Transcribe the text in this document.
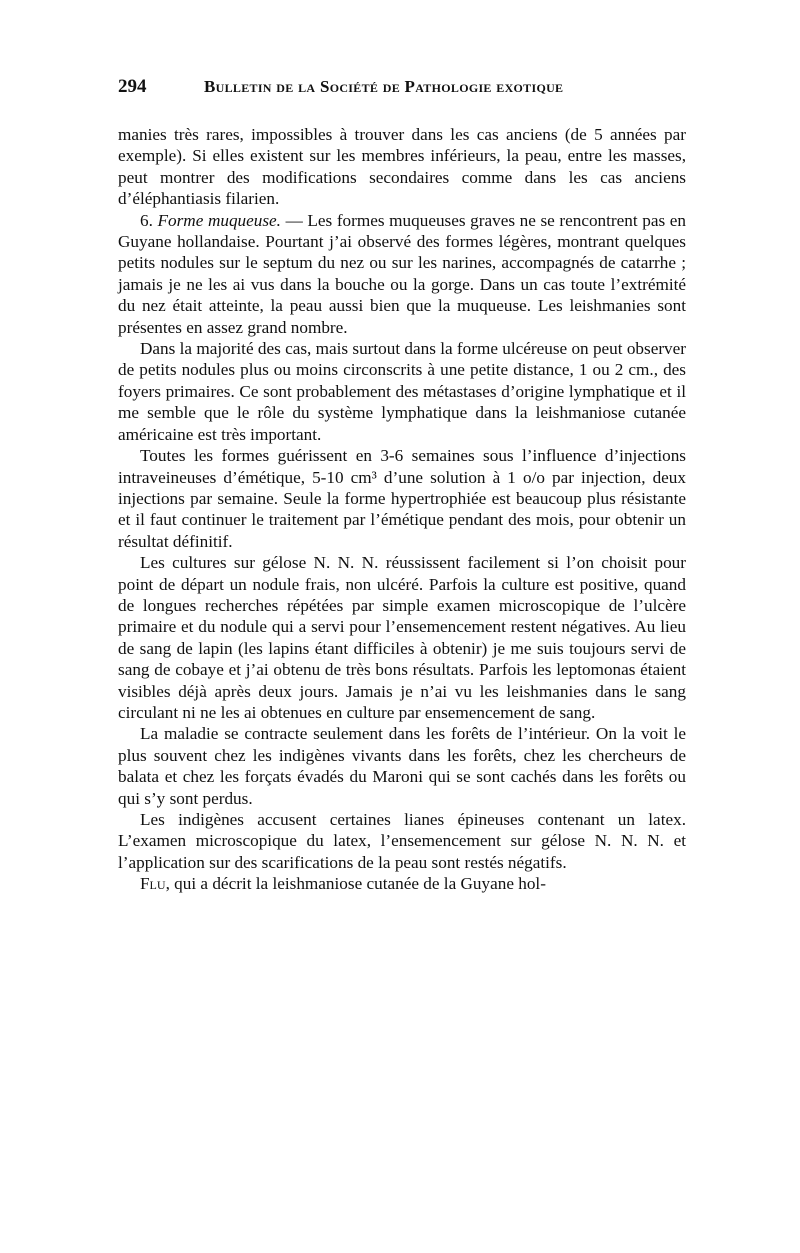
294	Bulletin de la Société de Pathologie exotique

manies très rares, impossibles à trouver dans les cas anciens (de 5 années par exemple). Si elles existent sur les membres inférieurs, la peau, entre les masses, peut montrer des modifications secondaires comme dans les cas anciens d’éléphantiasis filarien.

6. Forme muqueuse. — Les formes muqueuses graves ne se rencontrent pas en Guyane hollandaise. Pourtant j’ai observé des formes légères, montrant quelques petits nodules sur le septum du nez ou sur les narines, accompagnés de catarrhe ; jamais je ne les ai vus dans la bouche ou la gorge. Dans un cas toute l’extrémité du nez était atteinte, la peau aussi bien que la muqueuse. Les leishmanies sont présentes en assez grand nombre.

Dans la majorité des cas, mais surtout dans la forme ulcéreuse on peut observer de petits nodules plus ou moins circonscrits à une petite distance, 1 ou 2 cm., des foyers primaires. Ce sont probablement des métastases d’origine lymphatique et il me semble que le rôle du système lymphatique dans la leishmaniose cutanée américaine est très important.

Toutes les formes guérissent en 3-6 semaines sous l’influence d’injections intraveineuses d’émétique, 5-10 cm³ d’une solution à 1 o/o par injection, deux injections par semaine. Seule la forme hypertrophiée est beaucoup plus résistante et il faut continuer le traitement par l’émétique pendant des mois, pour obtenir un résultat définitif.

Les cultures sur gélose N. N. N. réussissent facilement si l’on choisit pour point de départ un nodule frais, non ulcéré. Parfois la culture est positive, quand de longues recherches répétées par simple examen microscopique de l’ulcère primaire et du nodule qui a servi pour l’ensemencement restent négatives. Au lieu de sang de lapin (les lapins étant difficiles à obtenir) je me suis toujours servi de sang de cobaye et j’ai obtenu de très bons résultats. Parfois les leptomonas étaient visibles déjà après deux jours. Jamais je n’ai vu les leishmanies dans le sang circulant ni ne les ai obtenues en culture par ensemencement de sang.

La maladie se contracte seulement dans les forêts de l’intérieur. On la voit le plus souvent chez les indigènes vivants dans les forêts, chez les chercheurs de balata et chez les forçats évadés du Maroni qui se sont cachés dans les forêts ou qui s’y sont perdus.

Les indigènes accusent certaines lianes épineuses contenant un latex. L’examen microscopique du latex, l’ensemencement sur gélose N. N. N. et l’application sur des scarifications de la peau sont restés négatifs.

Flu, qui a décrit la leishmaniose cutanée de la Guyane hol-
